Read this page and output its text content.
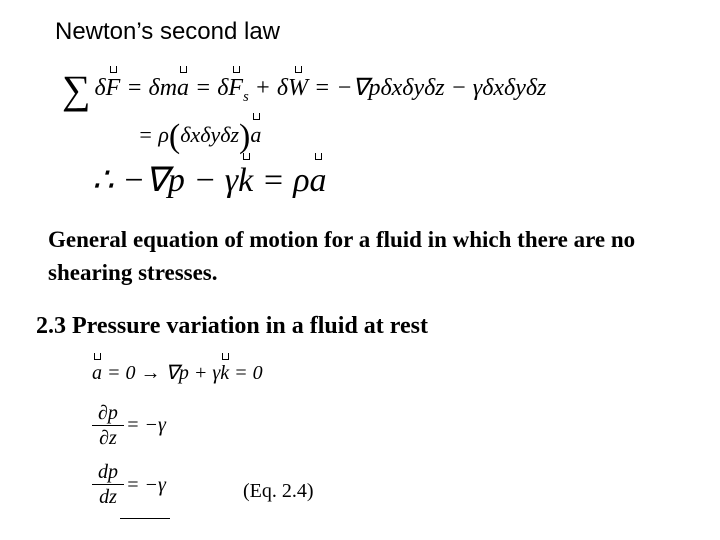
Newton’s second law
∑ $\delta F = \delta ma = \delta F_s + \delta W = -\nabla p\delta x\delta y\delta z - \gamma\delta x\delta y\delta z$
= ρ(δxδyδz)a
∴ −∇p − γk = ρa
General equation of motion for a fluid in which there are no shearing stresses.
2.3 Pressure variation in a fluid at rest
a = 0 → ∇p + γk = 0
∂p
∂z
= −γ
dp
dz
= −γ	(Eq. 2.4)
